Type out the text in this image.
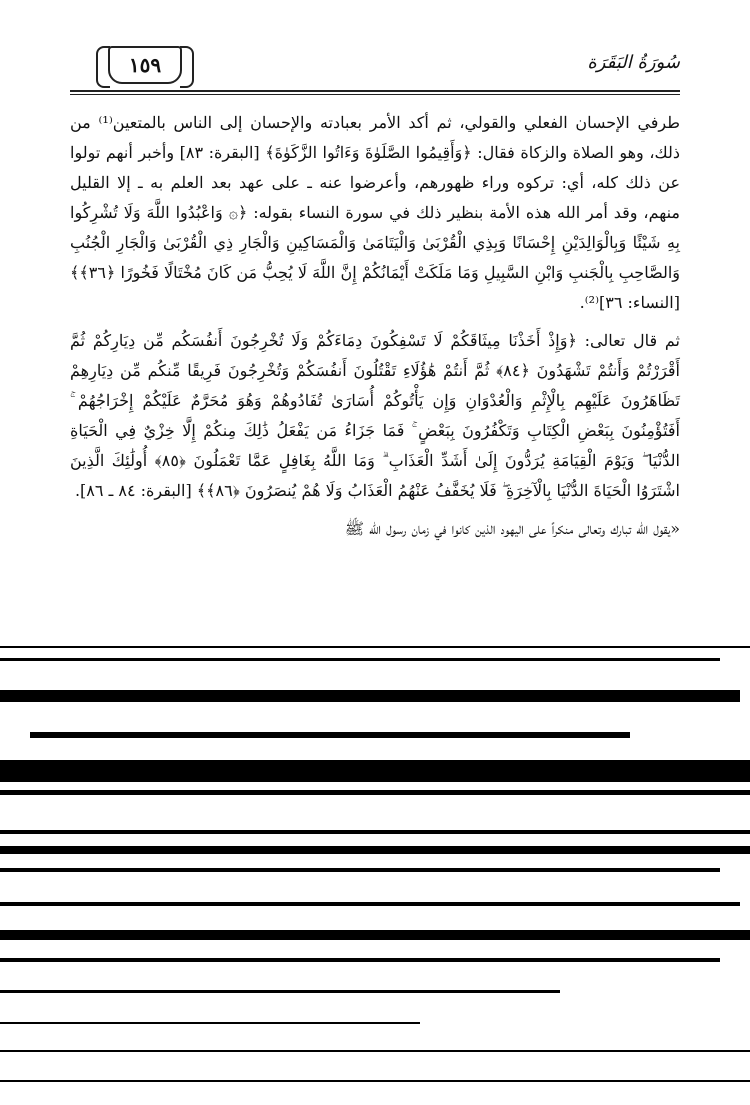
١٥٩	سُورَةُ البَقَرَة

طرفي الإحسان الفعلي والقولي، ثم أكد الأمر بعبادته والإحسان إلى الناس بالمتعين⁽¹⁾ من ذلك، وهو الصلاة والزكاة فقال: ﴿وَأَقِيمُوا الصَّلَوٰةَ وَءَاتُوا الزَّكَوٰةَ﴾ [البقرة: ٨٣] وأخبر أنهم تولوا عن ذلك كله، أي: تركوه وراء ظهورهم، وأعرضوا عنه ـ على عهد بعد العلم به ـ إلا القليل منهم، وقد أمر الله هذه الأمة بنظير ذلك في سورة النساء بقوله: ﴿۞ وَاعْبُدُوا اللَّهَ وَلَا تُشْرِكُوا بِهِ شَيْئًا وَبِالْوَالِدَيْنِ إِحْسَانًا وَبِذِي الْقُرْبَىٰ وَالْيَتَامَىٰ وَالْمَسَاكِينِ وَالْجَارِ ذِي الْقُرْبَىٰ وَالْجَارِ الْجُنُبِ وَالصَّاحِبِ بِالْجَنبِ وَابْنِ السَّبِيلِ وَمَا مَلَكَتْ أَيْمَانُكُمْ إِنَّ اللَّهَ لَا يُحِبُّ مَن كَانَ مُخْتَالًا فَخُورًا ﴿٣٦﴾﴾ [النساء: ٣٦]⁽²⁾.

ثم قال تعالى: ﴿وَإِذْ أَخَذْنَا مِيثَاقَكُمْ لَا تَسْفِكُونَ دِمَاءَكُمْ وَلَا تُخْرِجُونَ أَنفُسَكُم مِّن دِيَارِكُمْ ثُمَّ أَقْرَرْتُمْ وَأَنتُمْ تَشْهَدُونَ ﴿٨٤﴾ ثُمَّ أَنتُمْ هَٰؤُلَاءِ تَقْتُلُونَ أَنفُسَكُمْ وَتُخْرِجُونَ فَرِيقًا مِّنكُم مِّن دِيَارِهِمْ تَظَاهَرُونَ عَلَيْهِم بِالْإِثْمِ وَالْعُدْوَانِ وَإِن يَأْتُوكُمْ أُسَارَىٰ تُفَادُوهُمْ وَهُوَ مُحَرَّمٌ عَلَيْكُمْ إِخْرَاجُهُمْ ۚ أَفَتُؤْمِنُونَ بِبَعْضِ الْكِتَابِ وَتَكْفُرُونَ بِبَعْضٍ ۚ فَمَا جَزَاءُ مَن يَفْعَلُ ذَٰلِكَ مِنكُمْ إِلَّا خِزْيٌ فِي الْحَيَاةِ الدُّنْيَا ۖ وَيَوْمَ الْقِيَامَةِ يُرَدُّونَ إِلَىٰ أَشَدِّ الْعَذَابِ ۗ وَمَا اللَّهُ بِغَافِلٍ عَمَّا تَعْمَلُونَ ﴿٨٥﴾ أُولَٰئِكَ الَّذِينَ اشْتَرَوُا الْحَيَاةَ الدُّنْيَا بِالْآخِرَةِ ۖ فَلَا يُخَفَّفُ عَنْهُمُ الْعَذَابُ وَلَا هُمْ يُنصَرُونَ ﴿٨٦﴾﴾ [البقرة: ٨٤ ـ ٨٦].

«يقول الله تبارك وتعالى منكراً على اليهود الذين كانوا في زمان رسول الله ﷺ
